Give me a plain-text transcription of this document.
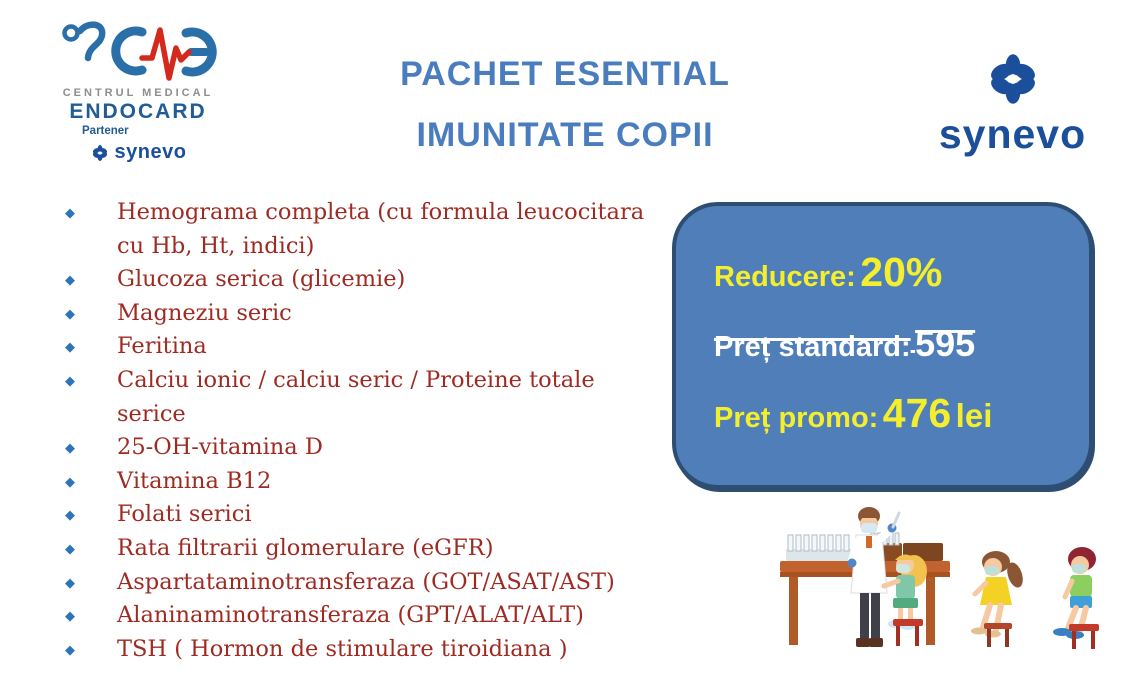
CENTRUL MEDICAL
ENDOCARD
Partener
synevo
PACHET ESENTIAL
IMUNITATE COPII	synevo
◆ Hemograma completa (cu formula leucocitara cu Hb, Ht, indici)
◆ Glucoza serica (glicemie)
◆ Magneziu seric
◆ Feritina
◆ Calciu ionic / calciu seric / Proteine totale serice
◆ 25-OH-vitamina D
◆ Vitamina B12
◆ Folati serici
◆ Rata filtrarii glomerulare (eGFR)
◆ Aspartataminotransferaza (GOT/ASAT/AST)
◆ Alaninaminotransferaza (GPT/ALAT/ALT)
◆ TSH ( Hormon de stimulare tiroidiana )
Reducere: 20%
Preț standard: 595
Preț promo: 476 lei
